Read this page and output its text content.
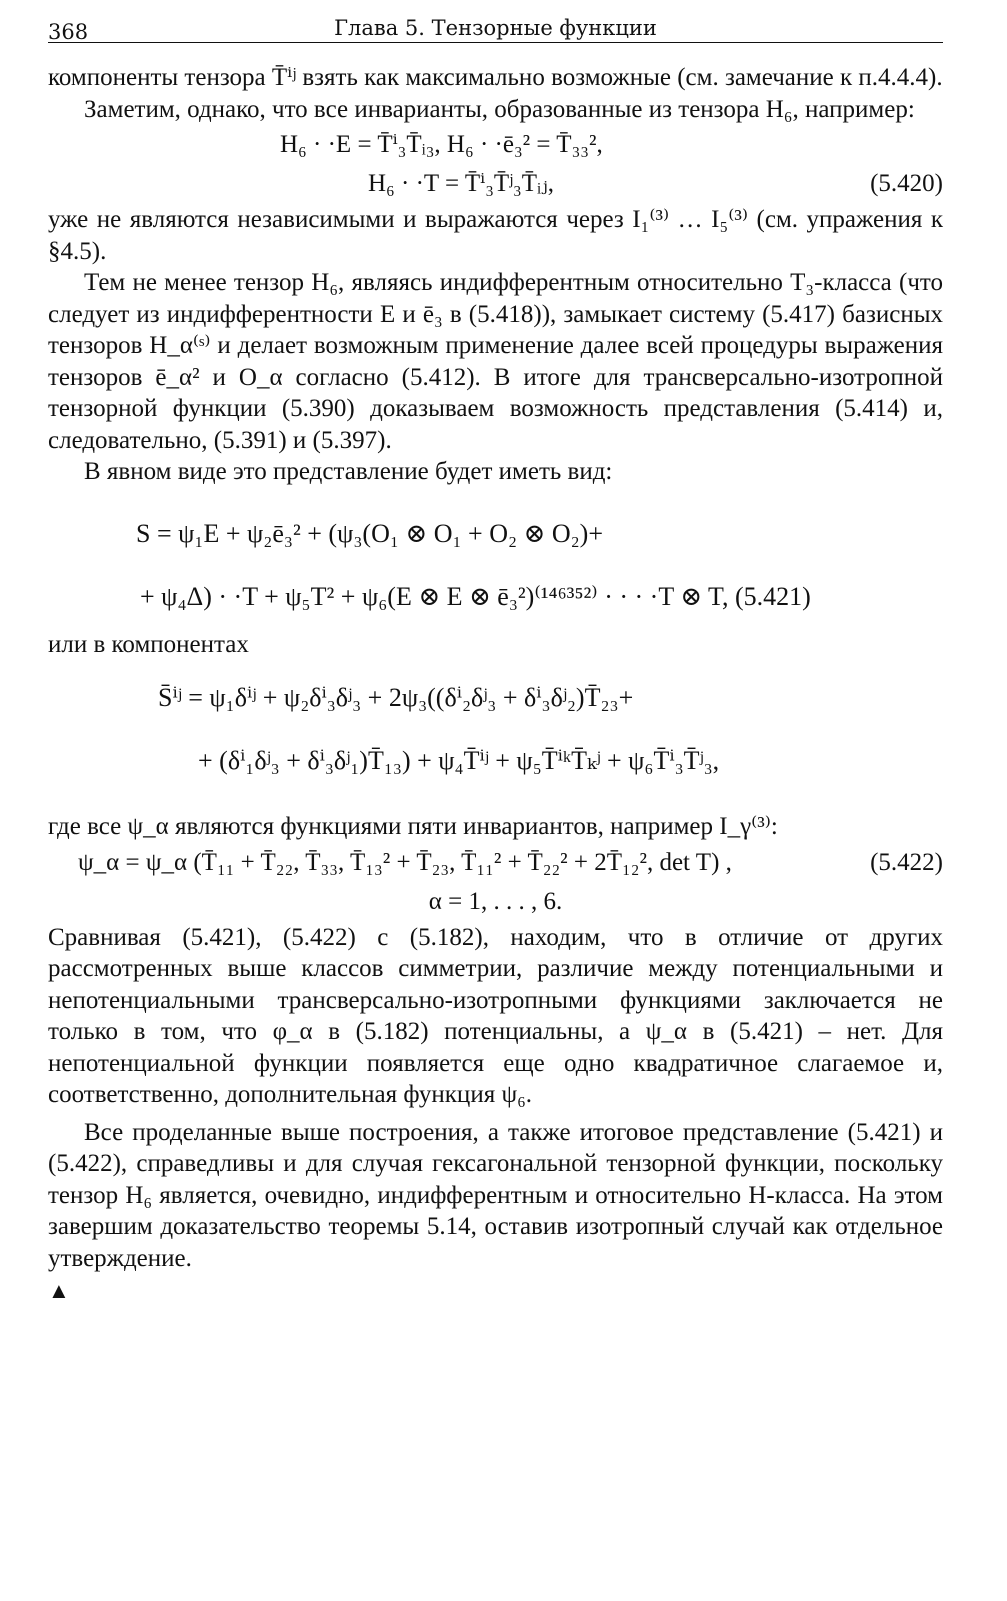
368	Глава 5. Тензорные функции

компоненты тензора T̄ⁱʲ взять как максимально возможные (см. замечание к п.4.4.4).

Заметим, однако, что все инварианты, образованные из тензора H₆, например:

H₆ · ·E = T̄ⁱ₃T̄ᵢ₃, H₆ · ·ē₃² = T̄₃₃²,
H₆ · ·T = T̄ⁱ₃T̄ʲ₃T̄ᵢⱼ,	(5.420)

уже не являются независимыми и выражаются через I₁⁽³⁾ … I₅⁽³⁾ (см. упражения к §4.5).

Тем не менее тензор H₆, являясь индифферентным относительно T₃-класса (что следует из индифферентности E и ē₃ в (5.418)), замыкает систему (5.417) базисных тензоров H_α⁽ˢ⁾ и делает возможным применение далее всей процедуры выражения тензоров ē_α² и O_α согласно (5.412). В итоге для трансверсально-изотропной тензорной функции (5.390) доказываем возможность представления (5.414) и, следовательно, (5.391) и (5.397).

В явном виде это представление будет иметь вид:

S = ψ₁E + ψ₂ē₃² + (ψ₃(O₁ ⊗ O₁ + O₂ ⊗ O₂)+
+ ψ₄Δ) · ·T + ψ₅T² + ψ₆(E ⊗ E ⊗ ē₃²)⁽¹⁴⁶³⁵²⁾ · · · ·T ⊗ T, (5.421)

или в компонентах

S̄ⁱʲ = ψ₁δⁱʲ + ψ₂δⁱ₃δʲ₃ + 2ψ₃((δⁱ₂δʲ₃ + δⁱ₃δʲ₂)T̄₂₃+
+ (δⁱ₁δʲ₃ + δⁱ₃δʲ₁)T̄₁₃) + ψ₄T̄ⁱʲ + ψ₅T̄ⁱᵏT̄ₖʲ + ψ₆T̄ⁱ₃T̄ʲ₃,

где все ψ_α являются функциями пяти инвариантов, например I_γ⁽³⁾:

ψ_α = ψ_α (T̄₁₁ + T̄₂₂, T̄₃₃, T̄₁₃² + T̄₂₃, T̄₁₁² + T̄₂₂² + 2T̄₁₂², det T) ,	(5.422)
α = 1, . . . , 6.

Сравнивая (5.421), (5.422) с (5.182), находим, что в отличие от других рассмотренных выше классов симметрии, различие между потенциальными и непотенциальными трансверсально-изотропными функциями заключается не только в том, что φ_α в (5.182) потенциальны, а ψ_α в (5.421) – нет. Для непотенциальной функции появляется еще одно квадратичное слагаемое и, соответственно, дополнительная функция ψ₆.

Все проделанные выше построения, а также итоговое представление (5.421) и (5.422), справедливы и для случая гексагональной тензорной функции, поскольку тензор H₆ является, очевидно, индифферентным и относительно H-класса. На этом завершим доказательство теоремы 5.14, оставив изотропный случай как отдельное утверждение.

▲
